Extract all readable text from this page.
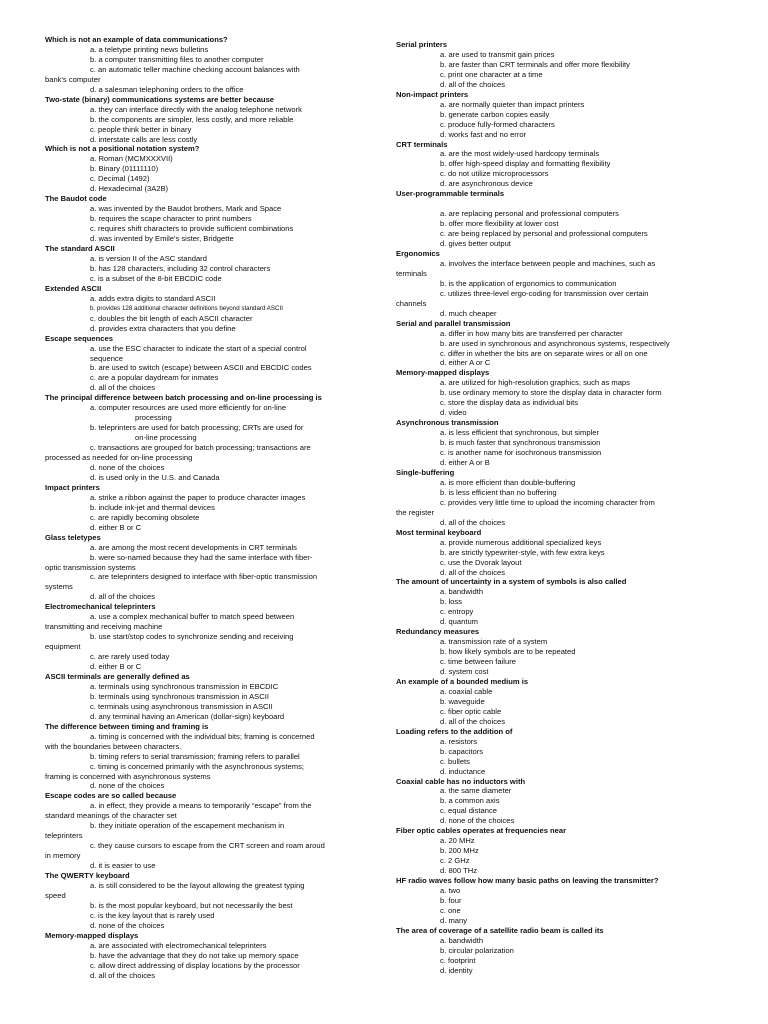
Which is not an example of data communications?
a. a teletype printing news bulletins
b. a computer transmitting files to another computer
c. an automatic teller machine checking account balances with
bank's computer
d. a salesman telephoning orders to the office
Two-state (binary) communications systems are better because
a. they can interface directly with the analog telephone network
b. the components are simpler, less costly, and more reliable
c. people think better in binary
d. interstate calls are less costly
Which is not a positional notation system?
a. Roman (MCMXXXVII)
b. Binary (01111110)
c. Decimal (1492)
d. Hexadecimal (3A2B)
The Baudot code
a. was invented by the Baudot brothers, Mark and Space
b. requires the scape character to print numbers
c. requires shift characters to provide sufficient combinations
d. was invented by Emile's sister, Bridgette
The standard ASCII
a. is version II of the ASC standard
b. has 128 characters, including 32 control characters
c. is a subset of the 8-bit EBCDIC code
Extended ASCII
a. adds extra digits to standard ASCII
b. provides 128 additional character definitions beyond standard ASCII
c. doubles the bit length of each ASCII character
d. provides extra characters that you define
Escape sequences
a. use the ESC character to indicate the start of a special control
sequence
b. are used to switch (escape) between ASCII and EBCDIC codes
c. are a popular daydream for inmates
d. all of the choices
The principal difference between batch processing and on-line processing is
a. computer resources are used more efficiently for on-line
processing
b. teleprinters are used for batch processing; CRTs are used for
on-line processing
c. transactions are grouped for batch processing; transactions are
processed as needed for on-line processing
d. none of the choices
d. is used only in the U.S. and Canada
Impact printers
a. strike a ribbon against the paper to produce character images
b. include ink-jet and thermal devices
c. are rapidly becoming obsolete
d. either B or C
Glass teletypes
a. are among the most recent developments in CRT terminals
b. were so-named because they had the same interface with fiber-
optic transmission systems
c. are teleprinters designed to interface with fiber-optic transmission
systems
d. all of the choices
Electromechanical teleprinters
a. use a complex mechanical buffer to match speed between
transmitting and receiving machine
b. use start/stop codes to synchronize sending and receiving
equipment
c. are rarely used today
d. either B or C
ASCII terminals are generally defined as
a. terminals using synchronous transmission in EBCDIC
b. terminals using synchronous transmission in ASCII
c. terminals using asynchronous transmission in ASCII
d. any terminal having an American (dollar-sign) keyboard
The difference between timing and framing is
a. timing is concerned with the individual bits; framing is concerned
with the boundaries between characters.
b. timing refers to serial transmission; framing refers to parallel
c. timing is concerned primarily with the asynchronous systems;
framing is concerned with asynchronous systems
d. none of the choices
Escape codes are so called because
a. in effect, they provide a means to temporarily “escape” from the
standard meanings of the character set
b. they initiate operation of the escapement mechanism in
teleprinters
c. they cause cursors to escape from the CRT screen and roam aroud
in memory
d. it is easier to use
The QWERTY keyboard
a. is still considered to be the layout allowing the greatest typing
speed
b. is the most popular keyboard, but not necessarily the best
c. is the key layout that is rarely used
d. none of the choices
Memory-mapped displays
a. are associated with electromechanical teleprinters
b. have the advantage that they do not take up memory space
c. allow direct addressing of display locations by the processor
d. all of the choices
Serial printers
a. are used to transmit gain prices
b. are faster than CRT terminals and offer more flexibility
c. print one character at a time
d. all of the choices
Non-impact printers
a. are normally quieter than impact printers
b. generate carbon copies easily
c. produce fully-formed characters
d. works fast and no error
CRT terminals
a. are the most widely-used hardcopy terminals
b. offer high-speed display and formatting flexibility
c. do not utilize microprocessors
d. are asynchronous device
User-programmable terminals
a. are replacing personal and professional computers
b. offer more flexibility at lower cost
c. are being replaced by personal and professional computers
d. gives better output
Ergonomics
a. involves the interface between people and machines, such as
terminals
b. is the application of ergonomics to communication
c. utilizes three-level ergo-coding for transmission over certain
channels
d. much cheaper
Serial and parallel transmission
a. differ in how many bits are transferred per character
b. are used in synchronous and asynchronous systems, respectively
c. differ in whether the bits are on separate wires or all on one
d. either A or C
Memory-mapped displays
a. are utilized for high-resolution graphics, such as maps
b. use ordinary memory to store the display data in character form
c. store the display data as individual bits
d. video
Asynchronous transmission
a. is less efficient that synchronous, but simpler
b. is much faster that synchronous transmission
c. is another name for isochronous transmission
d. either A or B
Single-buffering
a. is more efficient than double-buffering
b. is less efficient than no buffering
c. provides very little time to upload the incoming character from
the register
d. all of the choices
Most terminal keyboard
a. provide numerous additional specialized keys
b. are strictly typewriter-style, with few extra keys
c. use the Dvorak layout
d. all of the choices
The amount of uncertainty in a system of symbols is also called
a. bandwidth
b. loss
c. entropy
d. quantum
Redundancy measures
a. transmission rate of a system
b. how likely symbols are to be repeated
c. time between failure
d. system cost
An example of a bounded medium is
a. coaxial cable
b. waveguide
c. fiber optic cable
d. all of the choices
Loading refers to the addition of
a. resistors
b. capacitors
c. bullets
d. inductance
Coaxial cable has no inductors with
a. the same diameter
b. a common axis
c. equal distance
d. none of the choices
Fiber optic cables operates at frequencies near
a. 20 MHz
b. 200 MHz
c. 2 GHz
d. 800 THz
HF radio waves follow how many basic paths on leaving the transmitter?
a. two
b. four
c. one
d. many
The area of coverage of a satellite radio beam is called its
a. bandwidth
b. circular polarization
c. footprint
d. identity
